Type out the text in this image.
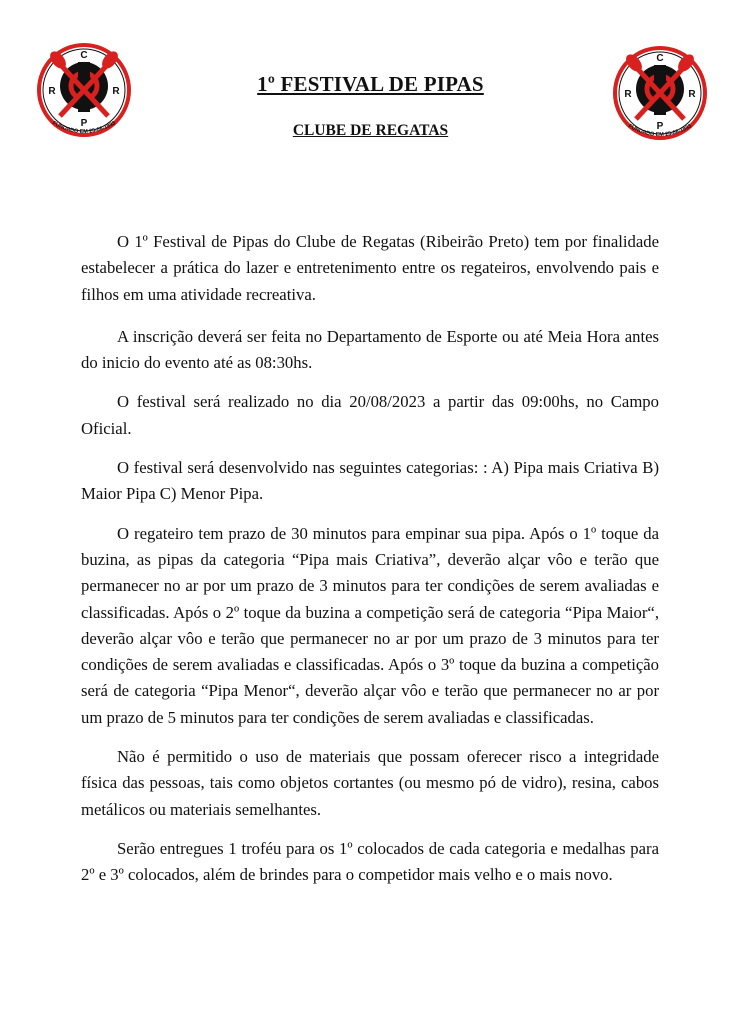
C
R	R
P
FUNDADO EM 25-08-1933
C
R	R
P
FUNDADO EM 25-08-1933
1º FESTIVAL DE PIPAS
CLUBE DE REGATAS

O 1º Festival de Pipas do Clube de Regatas (Ribeirão Preto) tem por finalidade estabelecer a prática do lazer e entretenimento entre os regateiros, envolvendo pais e filhos em uma atividade recreativa.

A inscrição deverá ser feita no Departamento de Esporte ou até Meia Hora antes do inicio do evento até as 08:30hs.

O festival será realizado no dia 20/08/2023 a partir das 09:00hs, no Campo Oficial.

O festival será desenvolvido nas seguintes categorias: : A) Pipa mais Criativa B) Maior Pipa C) Menor Pipa.

O regateiro tem prazo de 30 minutos para empinar sua pipa. Após o 1º toque da buzina, as pipas da categoria “Pipa mais Criativa”, deverão alçar vôo e terão que permanecer no ar por um prazo de 3 minutos para ter condições de serem avaliadas e classificadas. Após o 2º toque da buzina a competição será de categoria “Pipa Maior“, deverão alçar vôo e terão que permanecer no ar por um prazo de 3 minutos para ter condições de serem avaliadas e classificadas. Após o 3º toque da buzina a competição será de categoria “Pipa Menor“, deverão alçar vôo e terão que permanecer no ar por um prazo de 5 minutos para ter condições de serem avaliadas e classificadas.

Não é permitido o uso de materiais que possam oferecer risco a integridade física das pessoas, tais como objetos cortantes (ou mesmo pó de vidro), resina, cabos metálicos ou materiais semelhantes.

Serão entregues 1 troféu para os 1º colocados de cada categoria e medalhas para 2º e 3º colocados, além de brindes para o competidor mais velho e o mais novo.
